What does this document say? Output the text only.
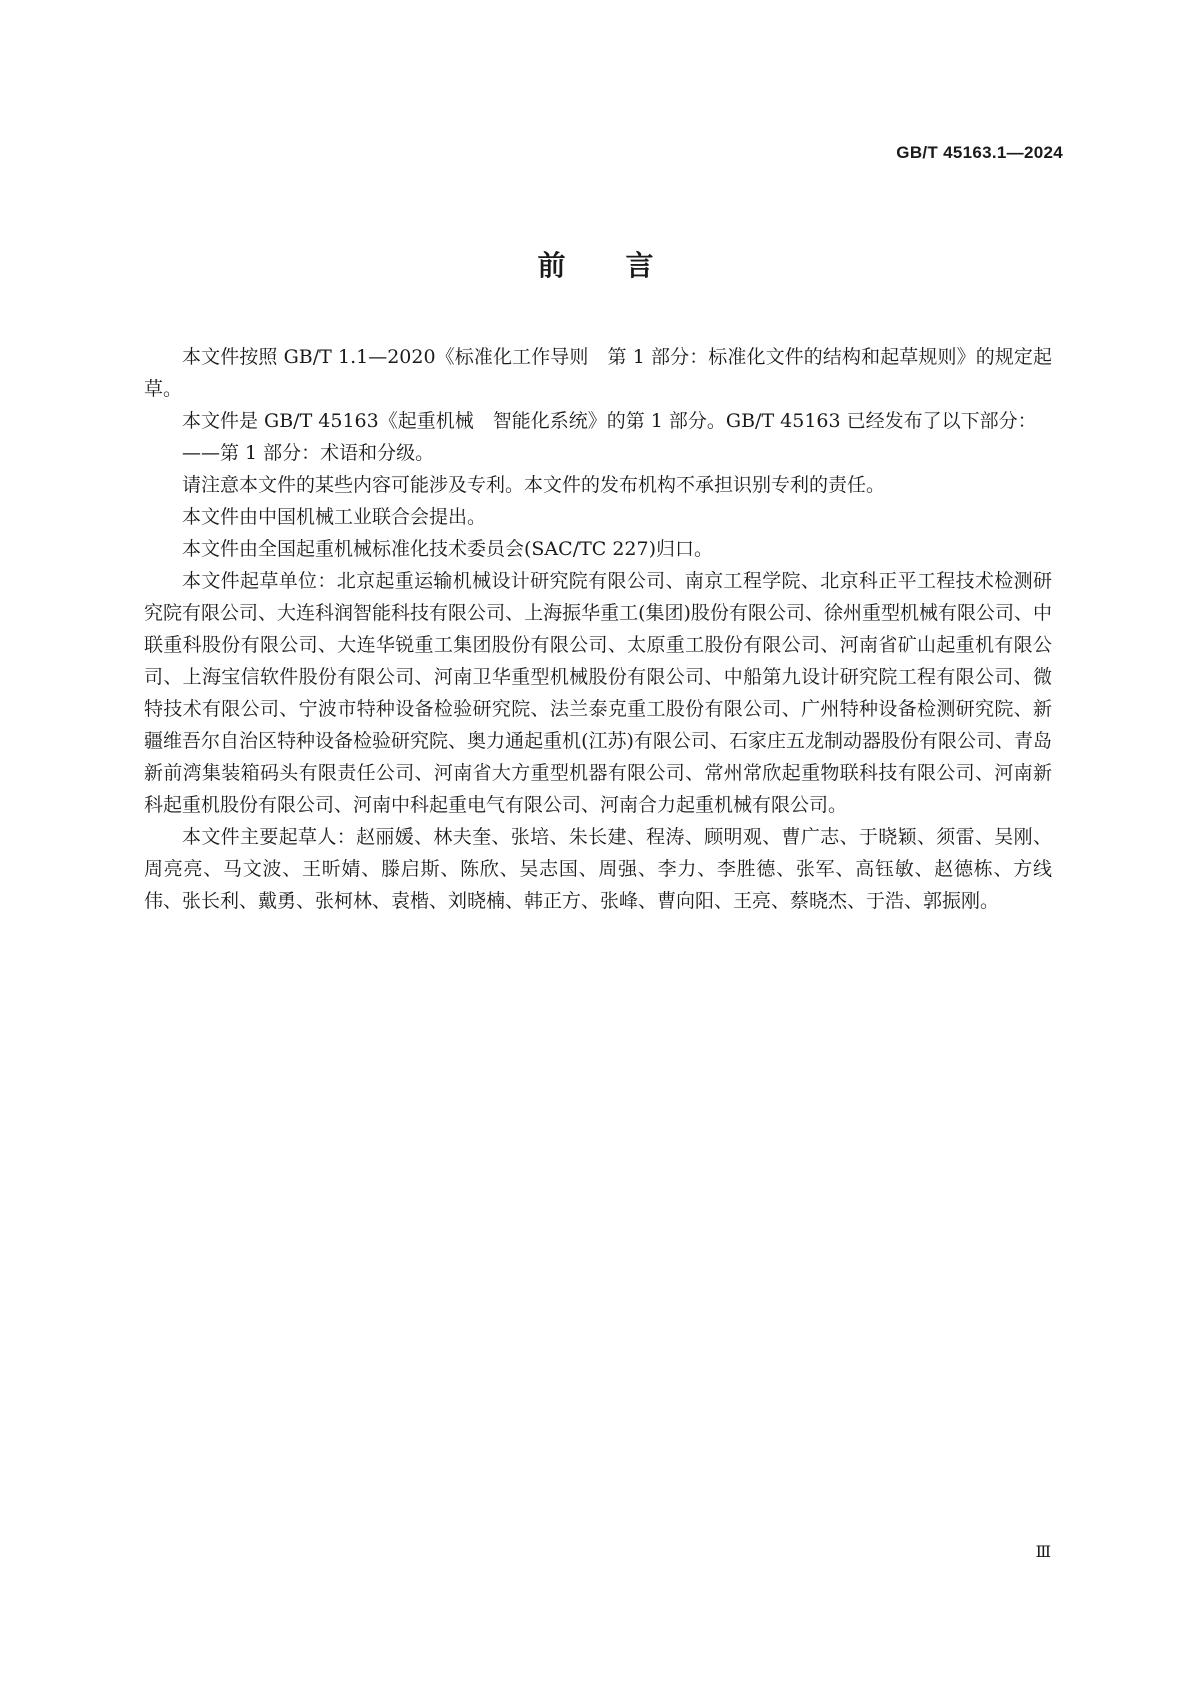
GB/T 45163.1—2024

前言

本文件按照 GB/T 1.1—2020《标准化工作导则　第 1 部分：标准化文件的结构和起草规则》的规定起草。

本文件是 GB/T 45163《起重机械　智能化系统》的第 1 部分。GB/T 45163 已经发布了以下部分：

——第 1 部分：术语和分级。

请注意本文件的某些内容可能涉及专利。本文件的发布机构不承担识别专利的责任。

本文件由中国机械工业联合会提出。

本文件由全国起重机械标准化技术委员会(SAC/TC 227)归口。

本文件起草单位：北京起重运输机械设计研究院有限公司、南京工程学院、北京科正平工程技术检测研究院有限公司、大连科润智能科技有限公司、上海振华重工(集团)股份有限公司、徐州重型机械有限公司、中联重科股份有限公司、大连华锐重工集团股份有限公司、太原重工股份有限公司、河南省矿山起重机有限公司、上海宝信软件股份有限公司、河南卫华重型机械股份有限公司、中船第九设计研究院工程有限公司、微特技术有限公司、宁波市特种设备检验研究院、法兰泰克重工股份有限公司、广州特种设备检测研究院、新疆维吾尔自治区特种设备检验研究院、奥力通起重机(江苏)有限公司、石家庄五龙制动器股份有限公司、青岛新前湾集装箱码头有限责任公司、河南省大方重型机器有限公司、常州常欣起重物联科技有限公司、河南新科起重机股份有限公司、河南中科起重电气有限公司、河南合力起重机械有限公司。

本文件主要起草人：赵丽媛、林夫奎、张培、朱长建、程涛、顾明观、曹广志、于晓颖、须雷、吴刚、周亮亮、马文波、王昕婧、滕启斯、陈欣、吴志国、周强、李力、李胜德、张军、高钰敏、赵德栋、方线伟、张长利、戴勇、张柯林、袁楷、刘晓楠、韩正方、张峰、曹向阳、王亮、蔡晓杰、于浩、郭振刚。

Ⅲ
